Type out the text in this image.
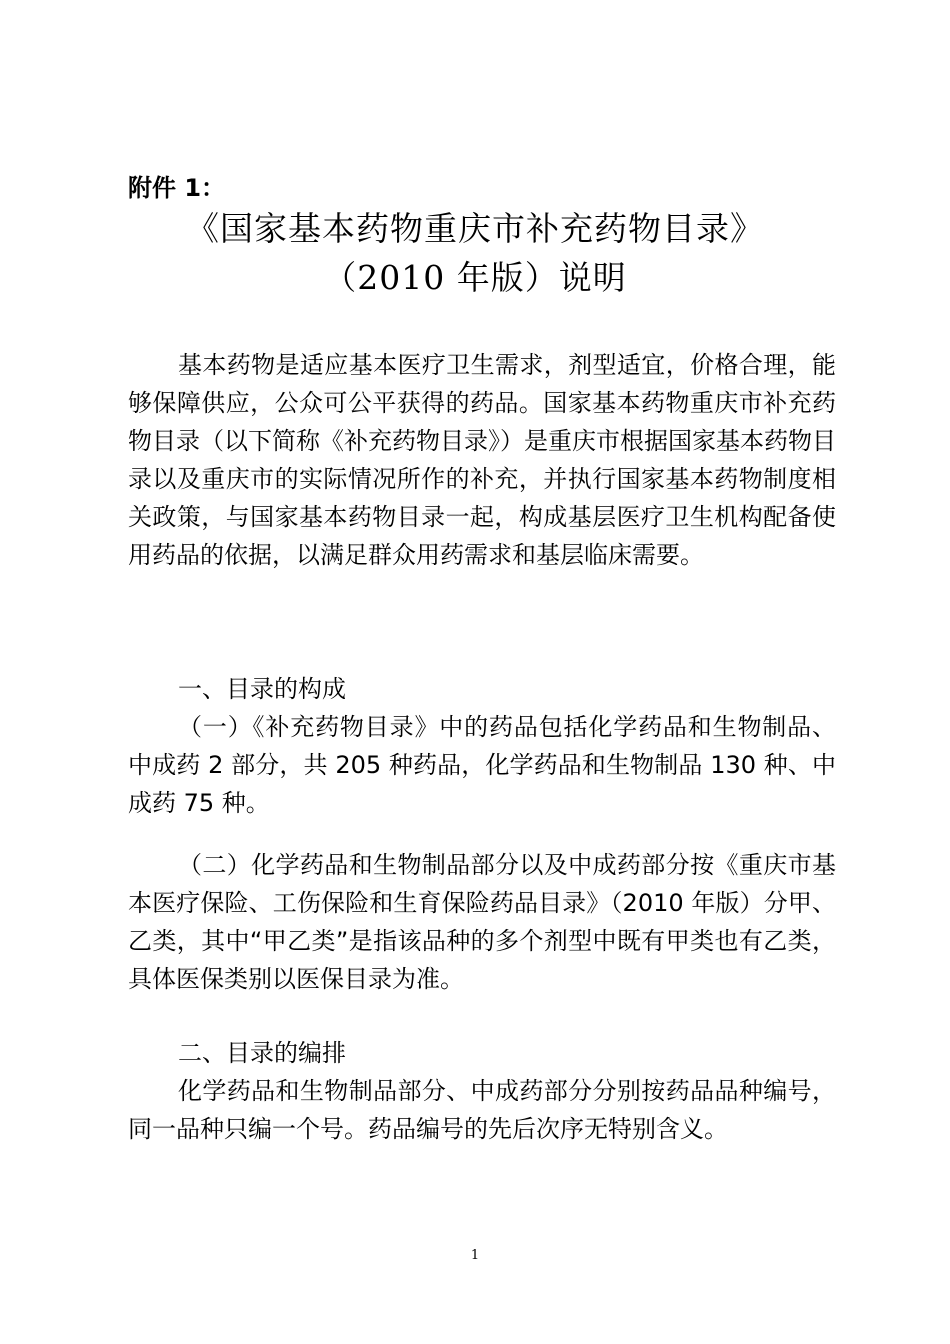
附件 1：
《国家基本药物重庆市补充药物目录》
（2010 年版）说明

基本药物是适应基本医疗卫生需求，剂型适宜，价格合理，能够保障供应，公众可公平获得的药品。国家基本药物重庆市补充药物目录（以下简称《补充药物目录》）是重庆市根据国家基本药物目录以及重庆市的实际情况所作的补充，并执行国家基本药物制度相关政策，与国家基本药物目录一起，构成基层医疗卫生机构配备使用药品的依据，以满足群众用药需求和基层临床需要。

一、目录的构成

（一）《补充药物目录》中的药品包括化学药品和生物制品、中成药 2 部分，共 205 种药品，化学药品和生物制品 130 种、中成药 75 种。

（二）化学药品和生物制品部分以及中成药部分按《重庆市基本医疗保险、工伤保险和生育保险药品目录》（2010 年版）分甲、乙类，其中“甲乙类”是指该品种的多个剂型中既有甲类也有乙类，具体医保类别以医保目录为准。

二、目录的编排

化学药品和生物制品部分、中成药部分分别按药品品种编号，同一品种只编一个号。药品编号的先后次序无特别含义。

1
